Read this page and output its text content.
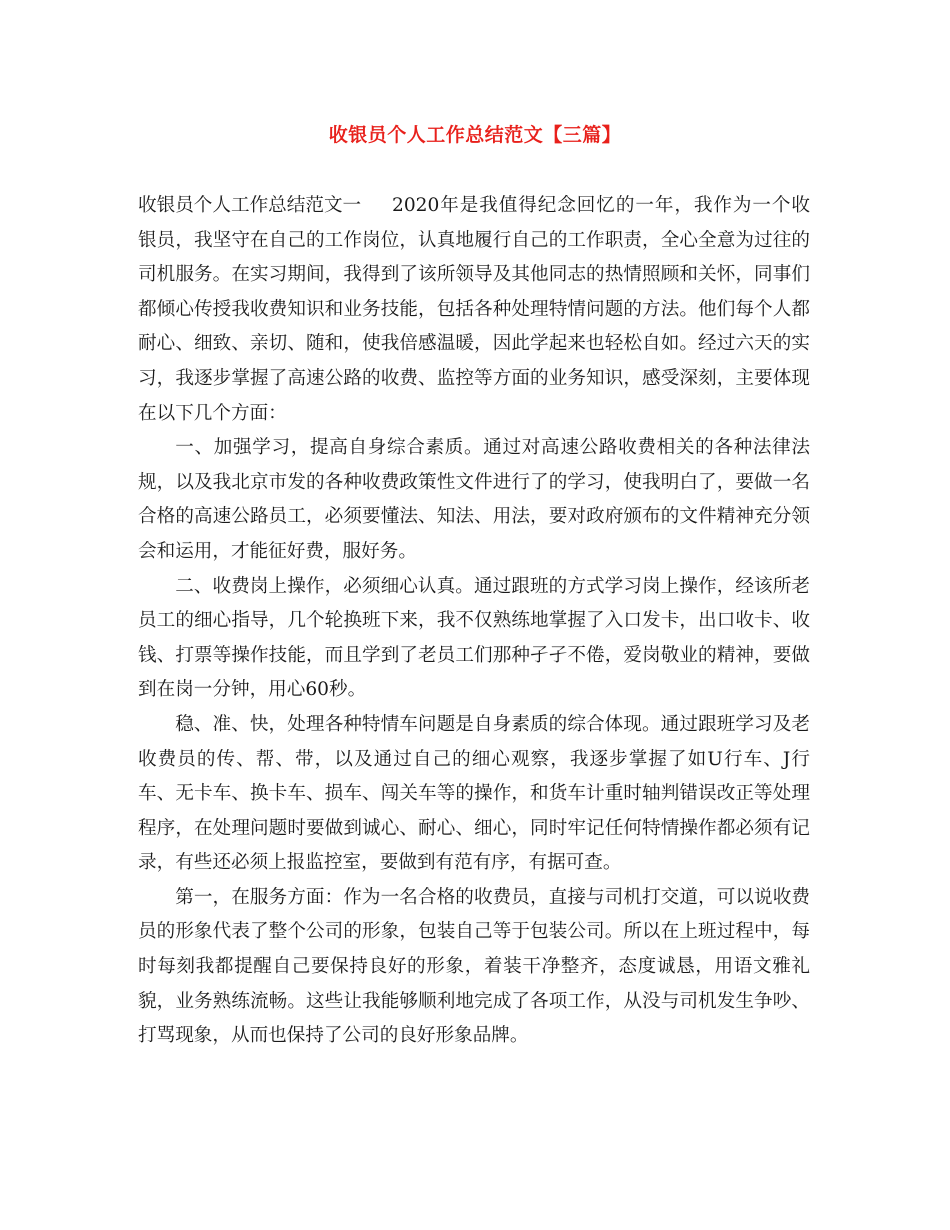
收银员个人工作总结范文【三篇】

收银员个人工作总结范文一 2020年是我值得纪念回忆的一年，我作为一个收银员，我坚守在自己的工作岗位，认真地履行自己的工作职责，全心全意为过往的司机服务。在实习期间，我得到了该所领导及其他同志的热情照顾和关怀，同事们都倾心传授我收费知识和业务技能，包括各种处理特情问题的方法。他们每个人都耐心、细致、亲切、随和，使我倍感温暖，因此学起来也轻松自如。经过六天的实习，我逐步掌握了高速公路的收费、监控等方面的业务知识，感受深刻，主要体现在以下几个方面：

一、加强学习，提高自身综合素质。通过对高速公路收费相关的各种法律法规，以及我北京市发的各种收费政策性文件进行了的学习，使我明白了，要做一名合格的高速公路员工，必须要懂法、知法、用法，要对政府颁布的文件精神充分领会和运用，才能征好费，服好务。

二、收费岗上操作，必须细心认真。通过跟班的方式学习岗上操作，经该所老员工的细心指导，几个轮换班下来，我不仅熟练地掌握了入口发卡，出口收卡、收钱、打票等操作技能，而且学到了老员工们那种孑孑不倦，爱岗敬业的精神，要做到在岗一分钟，用心60秒。

稳、准、快，处理各种特情车问题是自身素质的综合体现。通过跟班学习及老收费员的传、帮、带，以及通过自己的细心观察，我逐步掌握了如U行车、J行车、无卡车、换卡车、损车、闯关车等的操作，和货车计重时轴判错误改正等处理程序，在处理问题时要做到诚心、耐心、细心，同时牢记任何特情操作都必须有记录，有些还必须上报监控室，要做到有范有序，有据可查。

第一，在服务方面：作为一名合格的收费员，直接与司机打交道，可以说收费员的形象代表了整个公司的形象，包装自己等于包装公司。所以在上班过程中，每时每刻我都提醒自己要保持良好的形象，着装干净整齐，态度诚恳，用语文雅礼貌，业务熟练流畅。这些让我能够顺利地完成了各项工作，从没与司机发生争吵、打骂现象，从而也保持了公司的良好形象品牌。
